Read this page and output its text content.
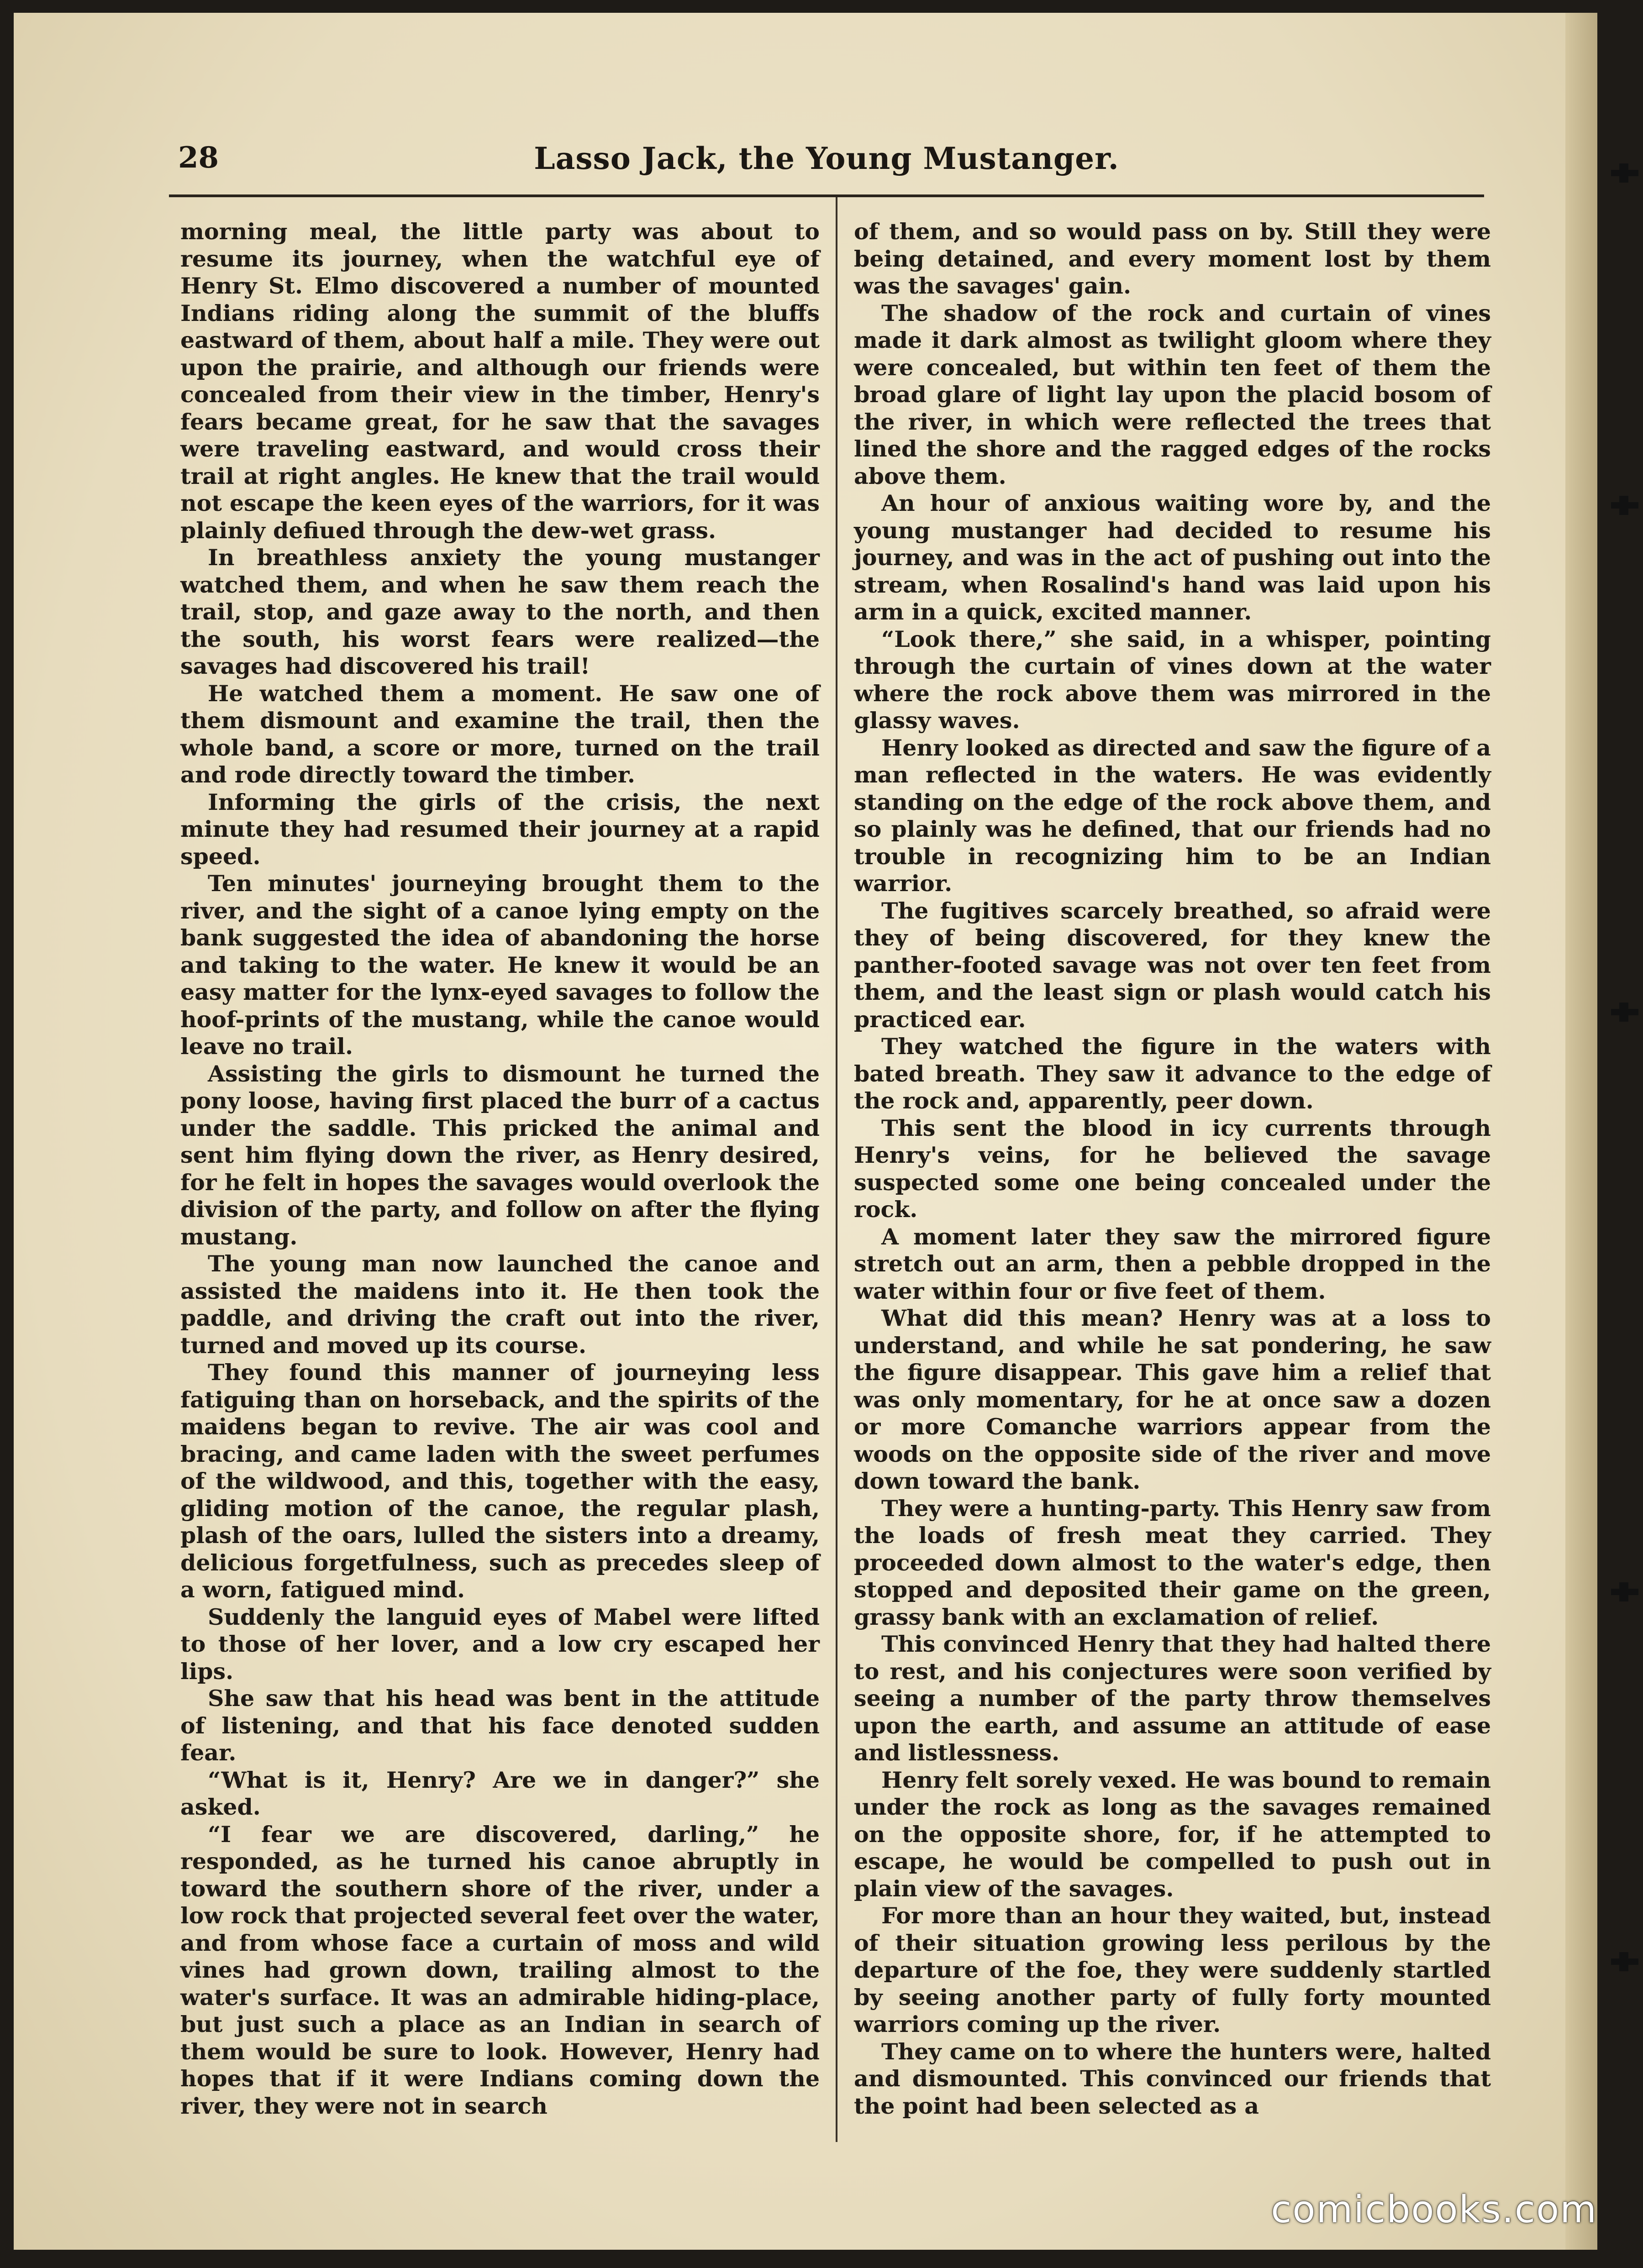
28	Lasso Jack, the Young Mustanger.

morning meal, the little party was about to resume its journey, when the watchful eye of Henry St. Elmo discovered a number of mounted Indians riding along the summit of the bluffs eastward of them, about half a mile. They were out upon the prairie, and although our friends were concealed from their view in the timber, Henry's fears became great, for he saw that the savages were traveling eastward, and would cross their trail at right angles. He knew that the trail would not escape the keen eyes of the warriors, for it was plainly defiued through the dew-wet grass.

In breathless anxiety the young mustanger watched them, and when he saw them reach the trail, stop, and gaze away to the north, and then the south, his worst fears were realized—the savages had discovered his trail!

He watched them a moment. He saw one of them dismount and examine the trail, then the whole band, a score or more, turned on the trail and rode directly toward the timber.

Informing the girls of the crisis, the next minute they had resumed their journey at a rapid speed.

Ten minutes' journeying brought them to the river, and the sight of a canoe lying empty on the bank suggested the idea of abandoning the horse and taking to the water. He knew it would be an easy matter for the lynx-eyed savages to follow the hoof-prints of the mustang, while the canoe would leave no trail.

Assisting the girls to dismount he turned the pony loose, having first placed the burr of a cactus under the saddle. This pricked the animal and sent him flying down the river, as Henry desired, for he felt in hopes the savages would overlook the division of the party, and follow on after the flying mustang.

The young man now launched the canoe and assisted the maidens into it. He then took the paddle, and driving the craft out into the river, turned and moved up its course.

They found this manner of journeying less fatiguing than on horseback, and the spirits of the maidens began to revive. The air was cool and bracing, and came laden with the sweet perfumes of the wildwood, and this, together with the easy, gliding motion of the canoe, the regular plash, plash of the oars, lulled the sisters into a dreamy, delicious forgetfulness, such as precedes sleep of a worn, fatigued mind.

Suddenly the languid eyes of Mabel were lifted to those of her lover, and a low cry escaped her lips.

She saw that his head was bent in the attitude of listening, and that his face denoted sudden fear.

“What is it, Henry? Are we in danger?” she asked.

“I fear we are discovered, darling,” he responded, as he turned his canoe abruptly in toward the southern shore of the river, under a low rock that projected several feet over the water, and from whose face a curtain of moss and wild vines had grown down, trailing almost to the water's surface. It was an admirable hiding-place, but just such a place as an Indian in search of them would be sure to look. However, Henry had hopes that if it were Indians coming down the river, they were not in search

of them, and so would pass on by. Still they were being detained, and every moment lost by them was the savages' gain.

The shadow of the rock and curtain of vines made it dark almost as twilight gloom where they were concealed, but within ten feet of them the broad glare of light lay upon the placid bosom of the river, in which were reflected the trees that lined the shore and the ragged edges of the rocks above them.

An hour of anxious waiting wore by, and the young mustanger had decided to resume his journey, and was in the act of pushing out into the stream, when Rosalind's hand was laid upon his arm in a quick, excited manner.

“Look there,” she said, in a whisper, pointing through the curtain of vines down at the water where the rock above them was mirrored in the glassy waves.

Henry looked as directed and saw the figure of a man reflected in the waters. He was evidently standing on the edge of the rock above them, and so plainly was he defined, that our friends had no trouble in recognizing him to be an Indian warrior.

The fugitives scarcely breathed, so afraid were they of being discovered, for they knew the panther-footed savage was not over ten feet from them, and the least sign or plash would catch his practiced ear.

They watched the figure in the waters with bated breath. They saw it advance to the edge of the rock and, apparently, peer down.

This sent the blood in icy currents through Henry's veins, for he believed the savage suspected some one being concealed under the rock.

A moment later they saw the mirrored figure stretch out an arm, then a pebble dropped in the water within four or five feet of them.

What did this mean? Henry was at a loss to understand, and while he sat pondering, he saw the figure disappear. This gave him a relief that was only momentary, for he at once saw a dozen or more Comanche warriors appear from the woods on the opposite side of the river and move down toward the bank.

They were a hunting-party. This Henry saw from the loads of fresh meat they carried. They proceeded down almost to the water's edge, then stopped and deposited their game on the green, grassy bank with an exclamation of relief.

This convinced Henry that they had halted there to rest, and his conjectures were soon verified by seeing a number of the party throw themselves upon the earth, and assume an attitude of ease and listlessness.

Henry felt sorely vexed. He was bound to remain under the rock as long as the savages remained on the opposite shore, for, if he attempted to escape, he would be compelled to push out in plain view of the savages.

For more than an hour they waited, but, instead of their situation growing less perilous by the departure of the foe, they were suddenly startled by seeing another party of fully forty mounted warriors coming up the river.

They came on to where the hunters were, halted and dismounted. This convinced our friends that the point had been selected as a

comicbooks.com
